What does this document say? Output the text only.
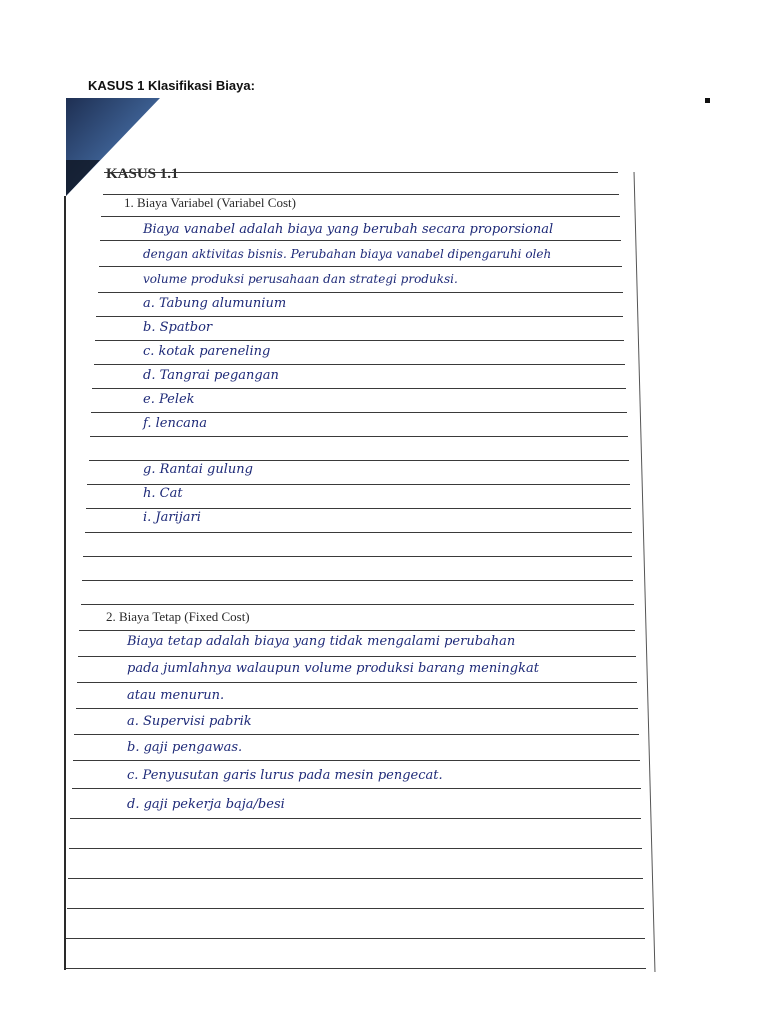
KASUS 1 Klasifikasi Biaya:
KASUS 1.1
1. Biaya Variabel (Variabel Cost)
Biaya vanabel adalah biaya yang berubah secara proporsional
dengan aktivitas bisnis. Perubahan biaya vanabel dipengaruhi oleh
volume produksi perusahaan dan strategi produksi.
a. Tabung alumunium
b. Spatbor
c. kotak pareneling
d. Tangrai pegangan
e. Pelek
f. lencana
g. Rantai gulung
h. Cat
i. Jarijari
2. Biaya Tetap (Fixed Cost)
Biaya tetap adalah biaya yang tidak mengalami perubahan
pada jumlahnya walaupun volume produksi barang meningkat
atau menurun.
a. Supervisi pabrik
b. gaji pengawas.
c. Penyusutan garis lurus pada mesin pengecat.
d. gaji pekerja baja/besi
